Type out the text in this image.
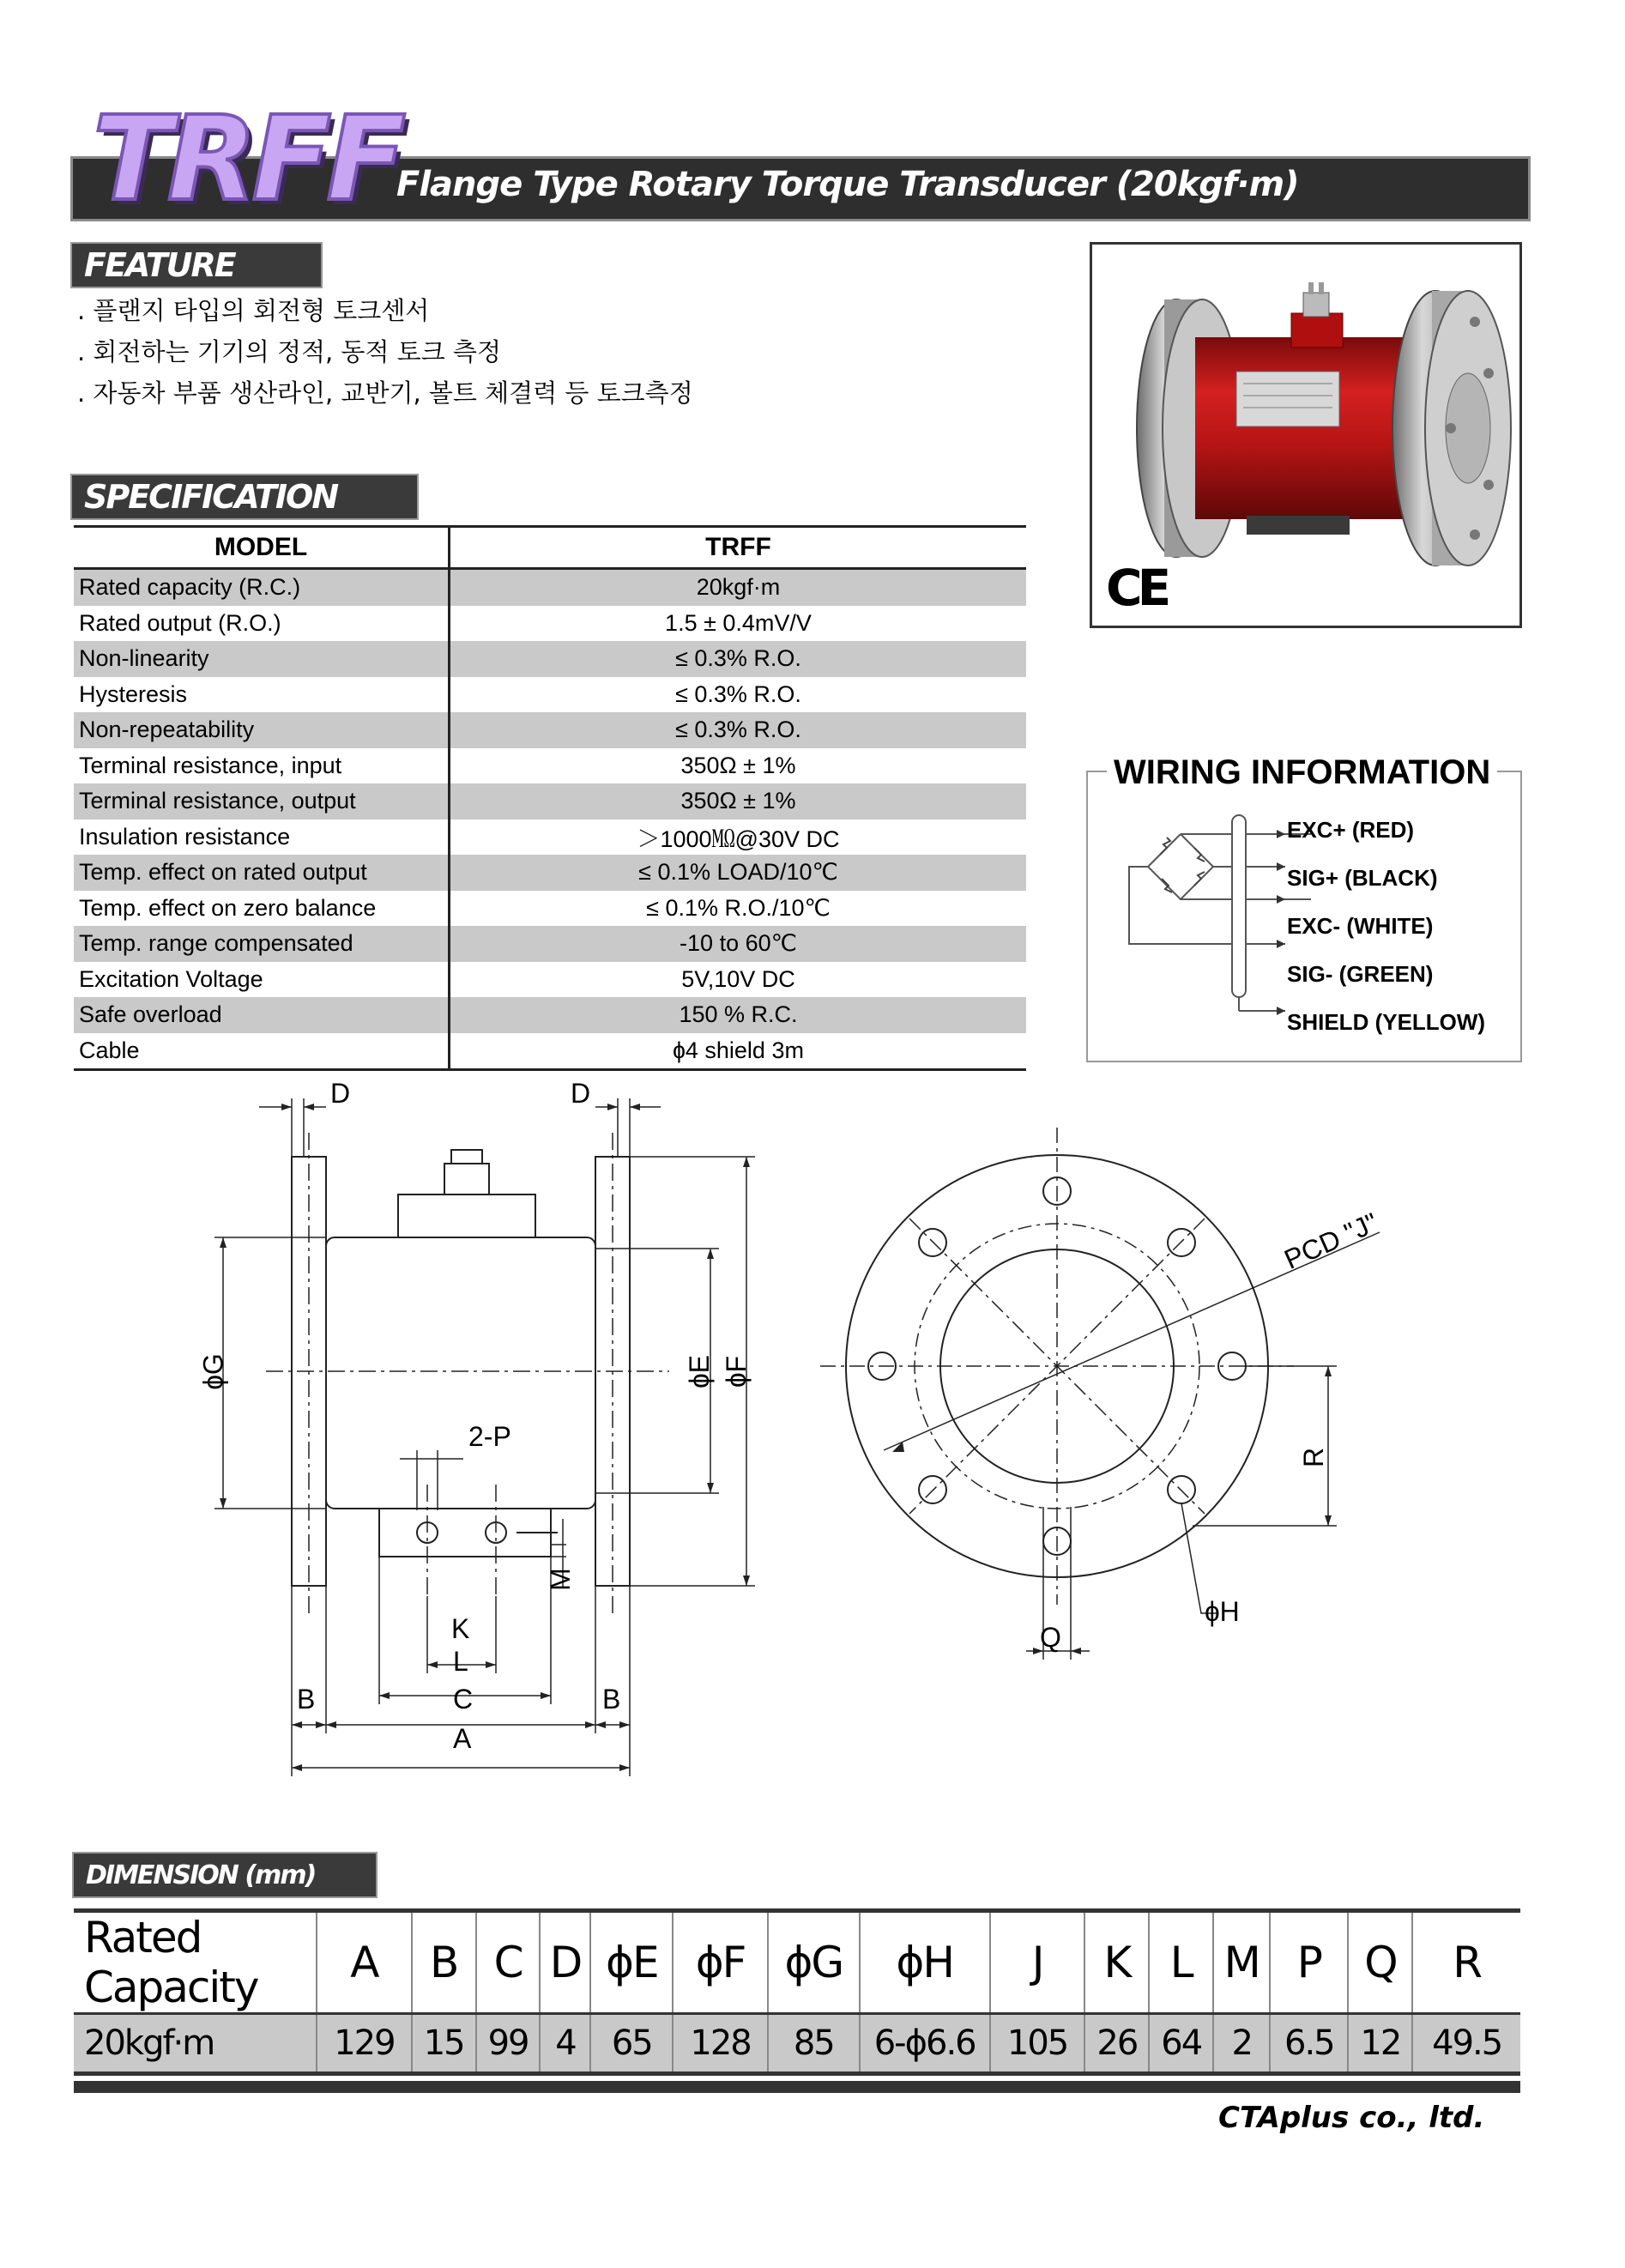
TRFF
Flange Type Rotary Torque Transducer (20kgf·m)
FEATURE
. 플랜지 타입의 회전형 토크센서
. 회전하는 기기의 정적, 동적 토크 측정
. 자동차 부품 생산라인, 교반기, 볼트 체결력 등 토크측정
SPECIFICATION
MODEL	TRFF
Rated capacity (R.C.)	20kgf·m
Rated output (R.O.)	1.5 ± 0.4mV/V
Non-linearity	≤ 0.3% R.O.
Hysteresis	≤ 0.3% R.O.
Non-repeatability	≤ 0.3% R.O.
Terminal resistance, input	350Ω ± 1%
Terminal resistance, output	350Ω ± 1%
Insulation resistance	＞1000㏁@30V DC
Temp. effect on rated output	≤ 0.1% LOAD/10℃
Temp. effect on zero balance	≤ 0.1% R.O./10℃
Temp. range compensated	-10 to 60℃
Excitation Voltage	5V,10V DC
Safe overload	150 % R.C.
Cable	ɸ4 shield 3m
CE
EXC+ (RED)
SIG+ (BLACK)
EXC- (WHITE)
SIG- (GREEN)
SHIELD (YELLOW)
WIRING INFORMATION
D	D
ɸG	ɸE ɸF
2-P
M
K
L
B	C	B
A
PCD "J"
R
ɸH
Q
DIMENSION (mm)
Rated Capacity	A	B	C	D	ɸE	ɸF	ɸG	ɸH	J	K	L	M	P	Q	R
20kgf·m	129	15	99	4	65	128	85	6-ɸ6.6	105	26	64	2	6.5	12	49.5
CTAplus co., ltd.
